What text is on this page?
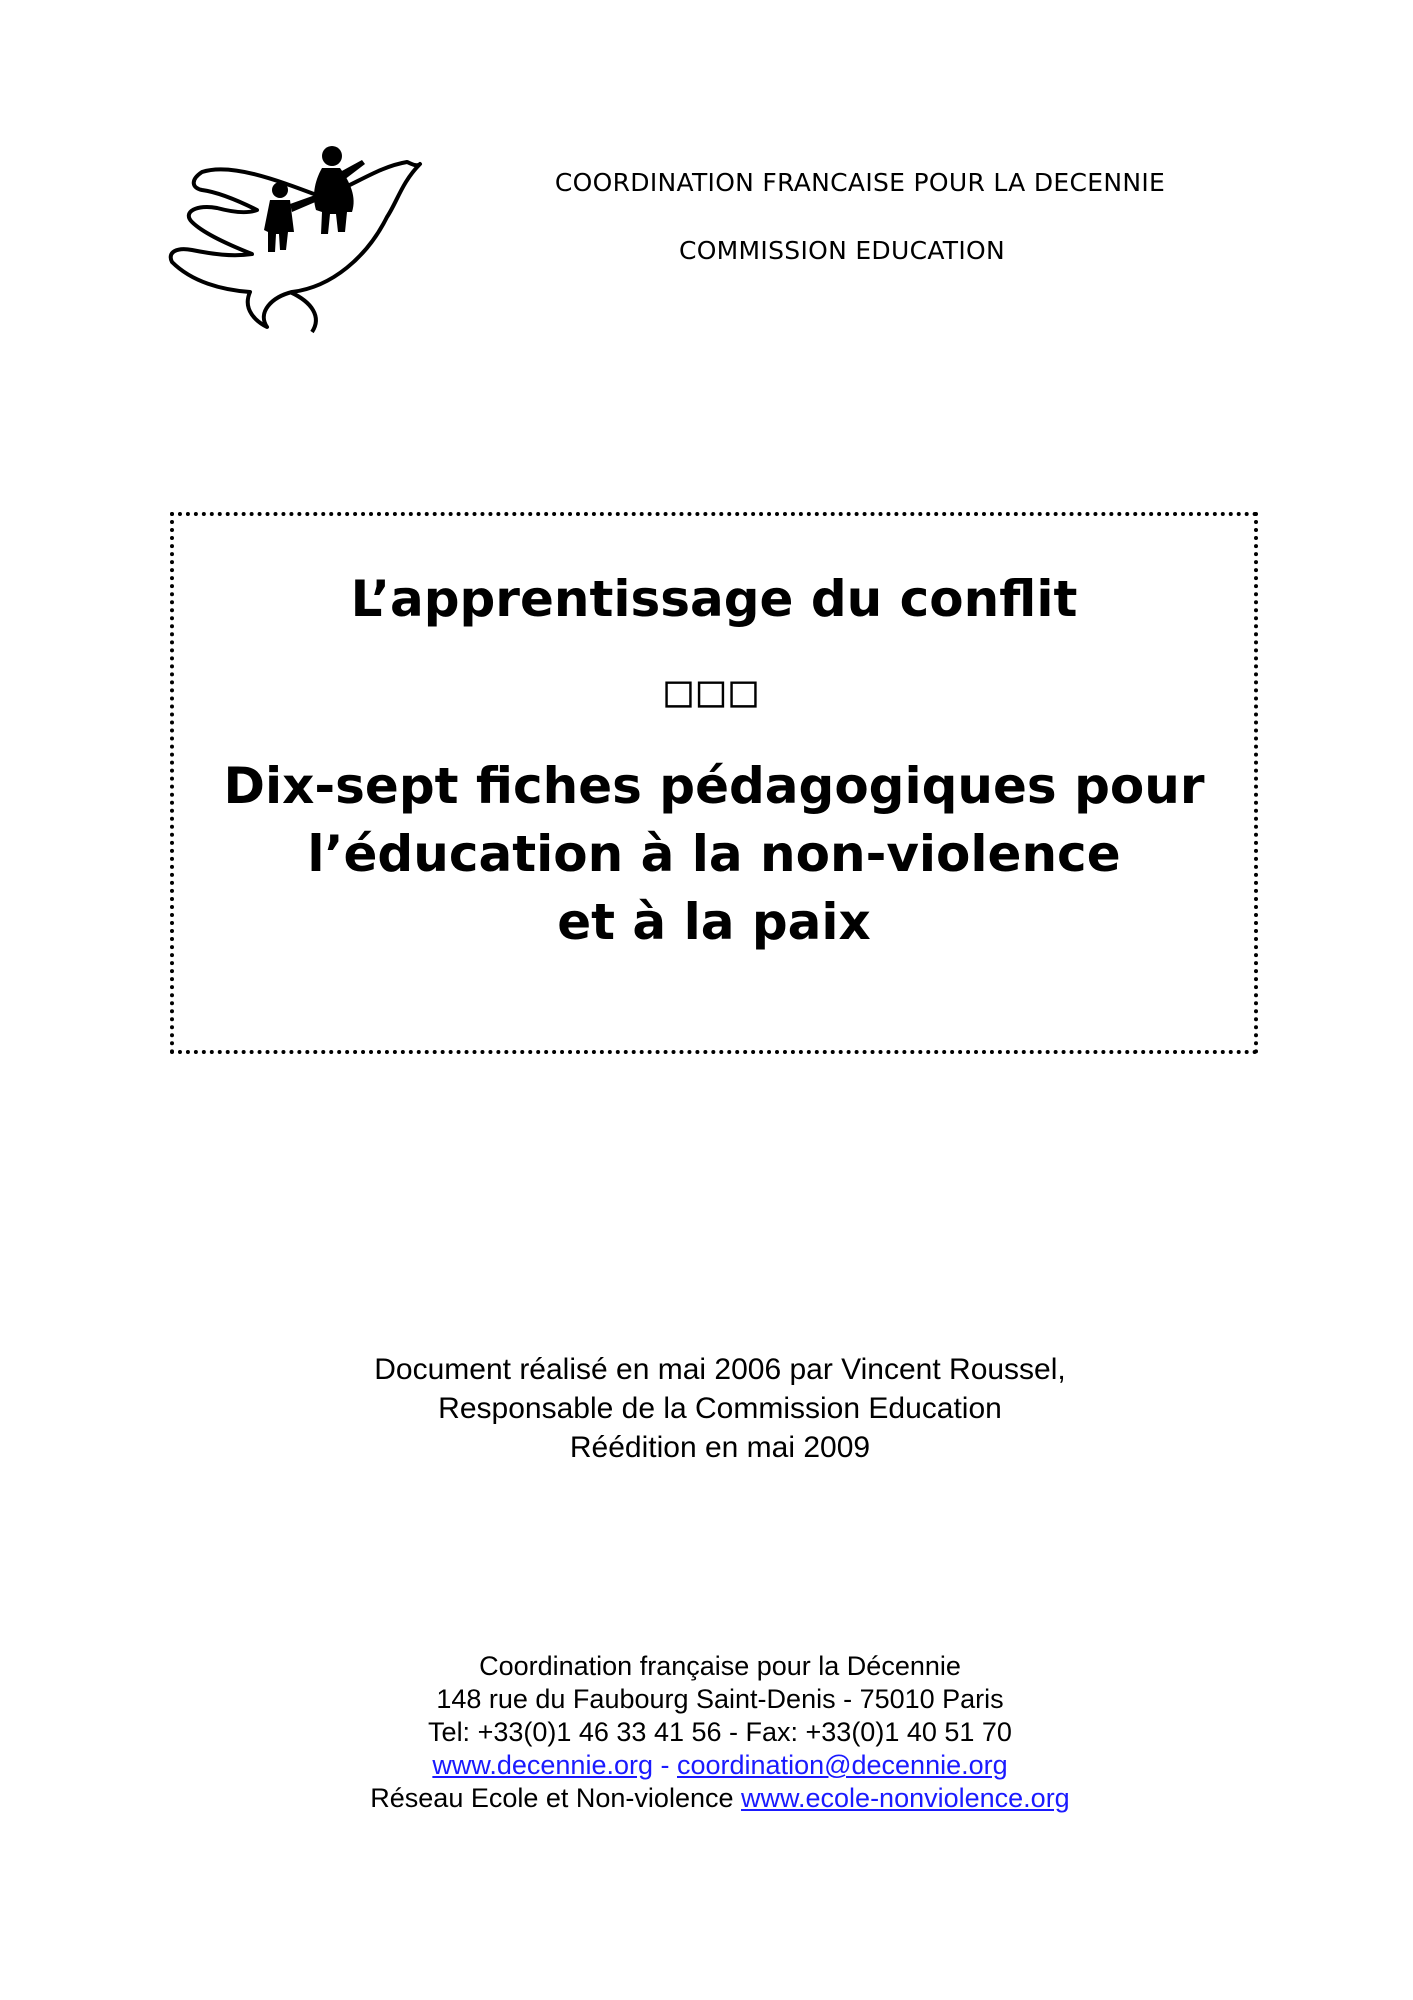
COORDINATION FRANCAISE POUR LA DECENNIE
COMMISSION EDUCATION
L’apprentissage du conflit
□□□
Dix-sept fiches pédagogiques pour
l’éducation à la non-violence
et à la paix
Document réalisé en mai 2006 par Vincent Roussel,
Responsable de la Commission Education
Réédition en mai 2009
Coordination française pour la Décennie
148 rue du Faubourg Saint-Denis - 75010 Paris
Tel: +33(0)1 46 33 41 56 - Fax: +33(0)1 40 51 70
www.decennie.org - coordination@decennie.org
Réseau Ecole et Non-violence www.ecole-nonviolence.org
